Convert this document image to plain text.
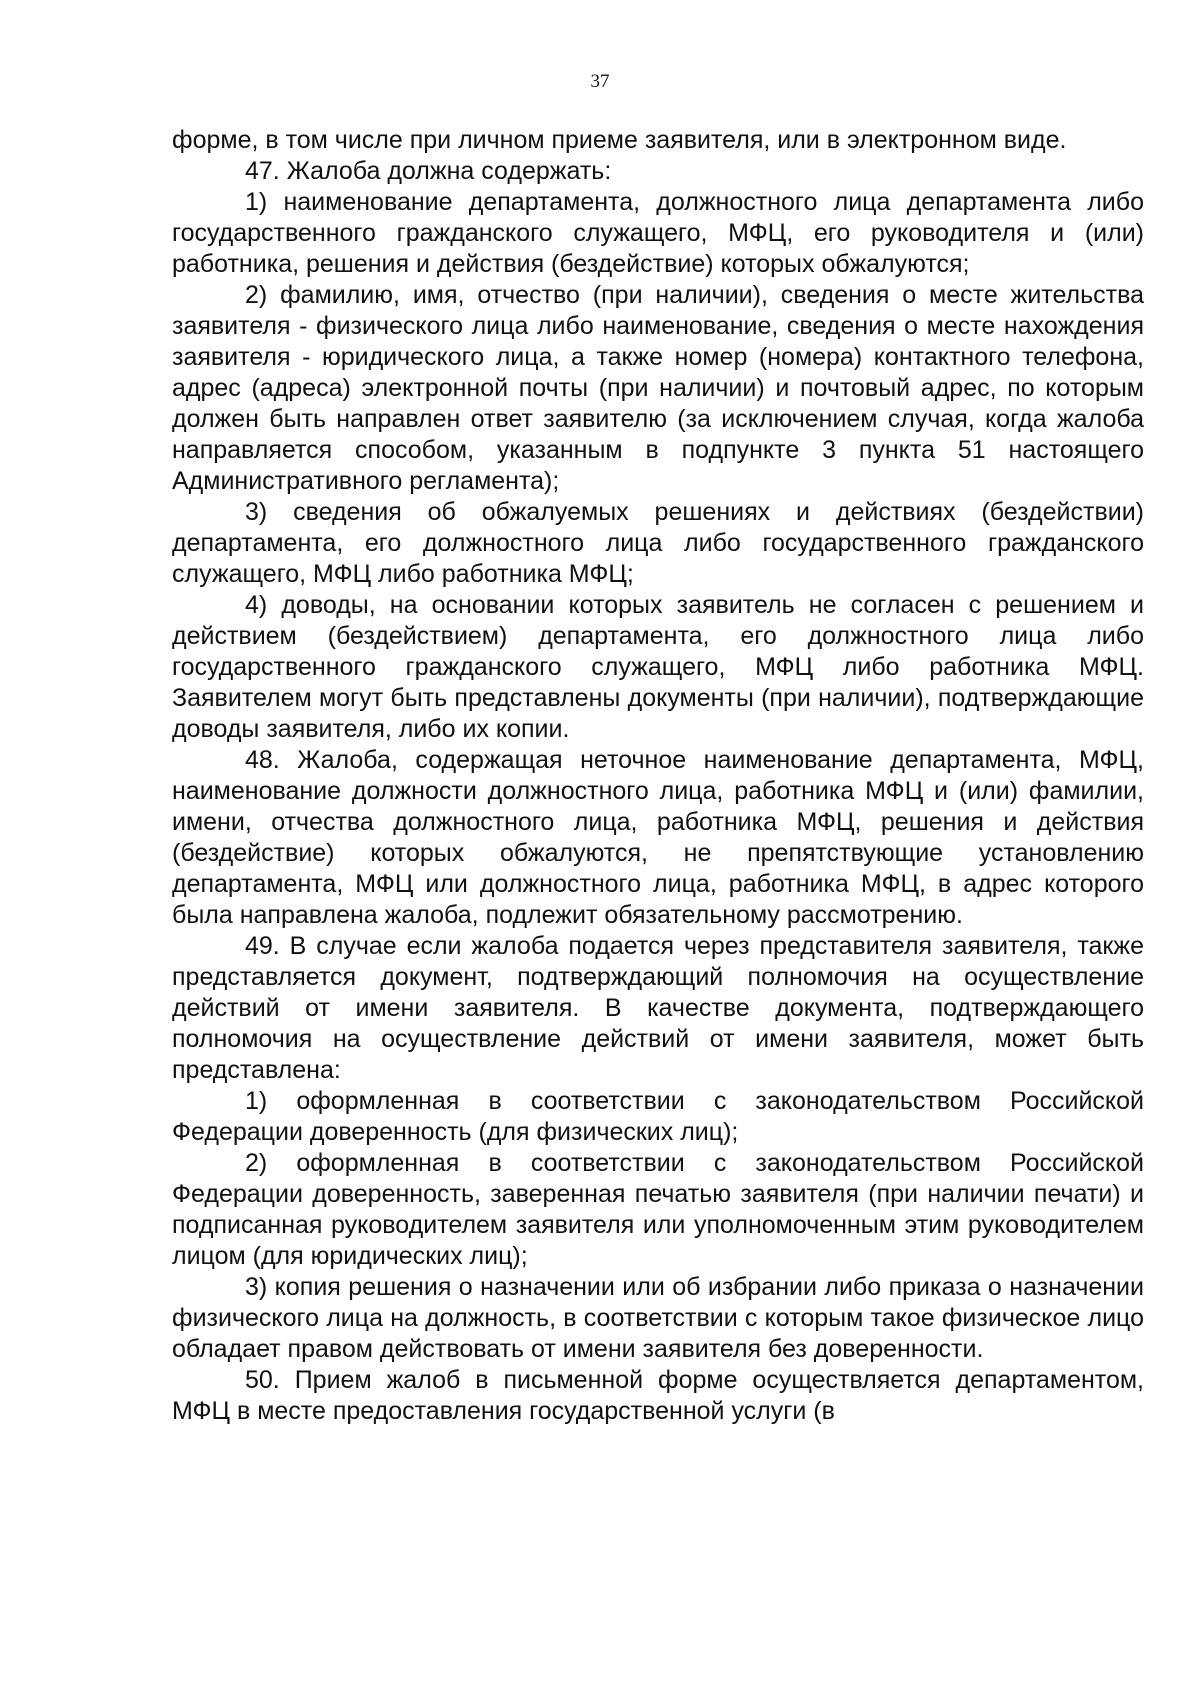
37

форме, в том числе при личном приеме заявителя, или в электронном виде.

47. Жалоба должна содержать:

1) наименование департамента, должностного лица департамента либо государственного гражданского служащего, МФЦ, его руководителя и (или) работника, решения и действия (бездействие) которых обжалуются;

2) фамилию, имя, отчество (при наличии), сведения о месте жительства заявителя - физического лица либо наименование, сведения о месте нахождения заявителя - юридического лица, а также номер (номера) контактного телефона, адрес (адреса) электронной почты (при наличии) и почтовый адрес, по которым должен быть направлен ответ заявителю (за исключением случая, когда жалоба направляется способом, указанным в подпункте 3 пункта 51 настоящего Административного регламента);

3) сведения об обжалуемых решениях и действиях (бездействии) департамента, его должностного лица либо государственного гражданского служащего, МФЦ либо работника МФЦ;

4) доводы, на основании которых заявитель не согласен с решением и действием (бездействием) департамента, его должностного лица либо государственного гражданского служащего, МФЦ либо работника МФЦ. Заявителем могут быть представлены документы (при наличии), подтверждающие доводы заявителя, либо их копии.

48. Жалоба, содержащая неточное наименование департамента, МФЦ, наименование должности должностного лица, работника МФЦ и (или) фамилии, имени, отчества должностного лица, работника МФЦ, решения и действия (бездействие) которых обжалуются, не препятствующие установлению департамента, МФЦ или должностного лица, работника МФЦ, в адрес которого была направлена жалоба, подлежит обязательному рассмотрению.

49. В случае если жалоба подается через представителя заявителя, также представляется документ, подтверждающий полномочия на осуществление действий от имени заявителя. В качестве документа, подтверждающего полномочия на осуществление действий от имени заявителя, может быть представлена:

1) оформленная в соответствии с законодательством Российской Федерации доверенность (для физических лиц);

2) оформленная в соответствии с законодательством Российской Федерации доверенность, заверенная печатью заявителя (при наличии печати) и подписанная руководителем заявителя или уполномоченным этим руководителем лицом (для юридических лиц);

3) копия решения о назначении или об избрании либо приказа о назначении физического лица на должность, в соответствии с которым такое физическое лицо обладает правом действовать от имени заявителя без доверенности.

50. Прием жалоб в письменной форме осуществляется департаментом, МФЦ в месте предоставления государственной услуги (в
